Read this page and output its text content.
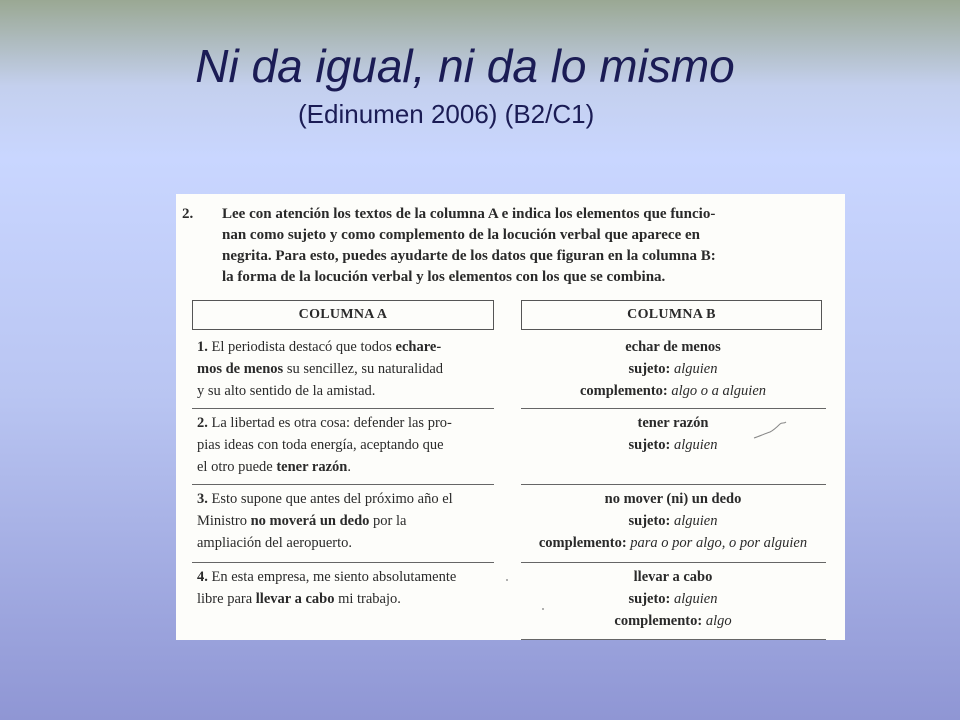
Ni da igual, ni da lo mismo
(Edinumen 2006) (B2/C1)
2. Lee con atención los textos de la columna A e indica los elementos que funcio-
nan como sujeto y como complemento de la locución verbal que aparece en
negrita. Para esto, puedes ayudarte de los datos que figuran en la columna B:
la forma de la locución verbal y los elementos con los que se combina.
COLUMNA A	COLUMNA B
1. El periodista destacó que todos echare-
mos de menos su sencillez, su naturalidad
y su alto sentido de la amistad.
echar de menos
sujeto: alguien
complemento: algo o a alguien
2. La libertad es otra cosa: defender las pro-
pias ideas con toda energía, aceptando que
el otro puede tener razón.
tener razón
sujeto: alguien
3. Esto supone que antes del próximo año el
Ministro no moverá un dedo por la
ampliación del aeropuerto.
no mover (ni) un dedo
sujeto: alguien
complemento: para o por algo, o por alguien
4. En esta empresa, me siento absolutamente
libre para llevar a cabo mi trabajo.
llevar a cabo
sujeto: alguien
complemento: algo
